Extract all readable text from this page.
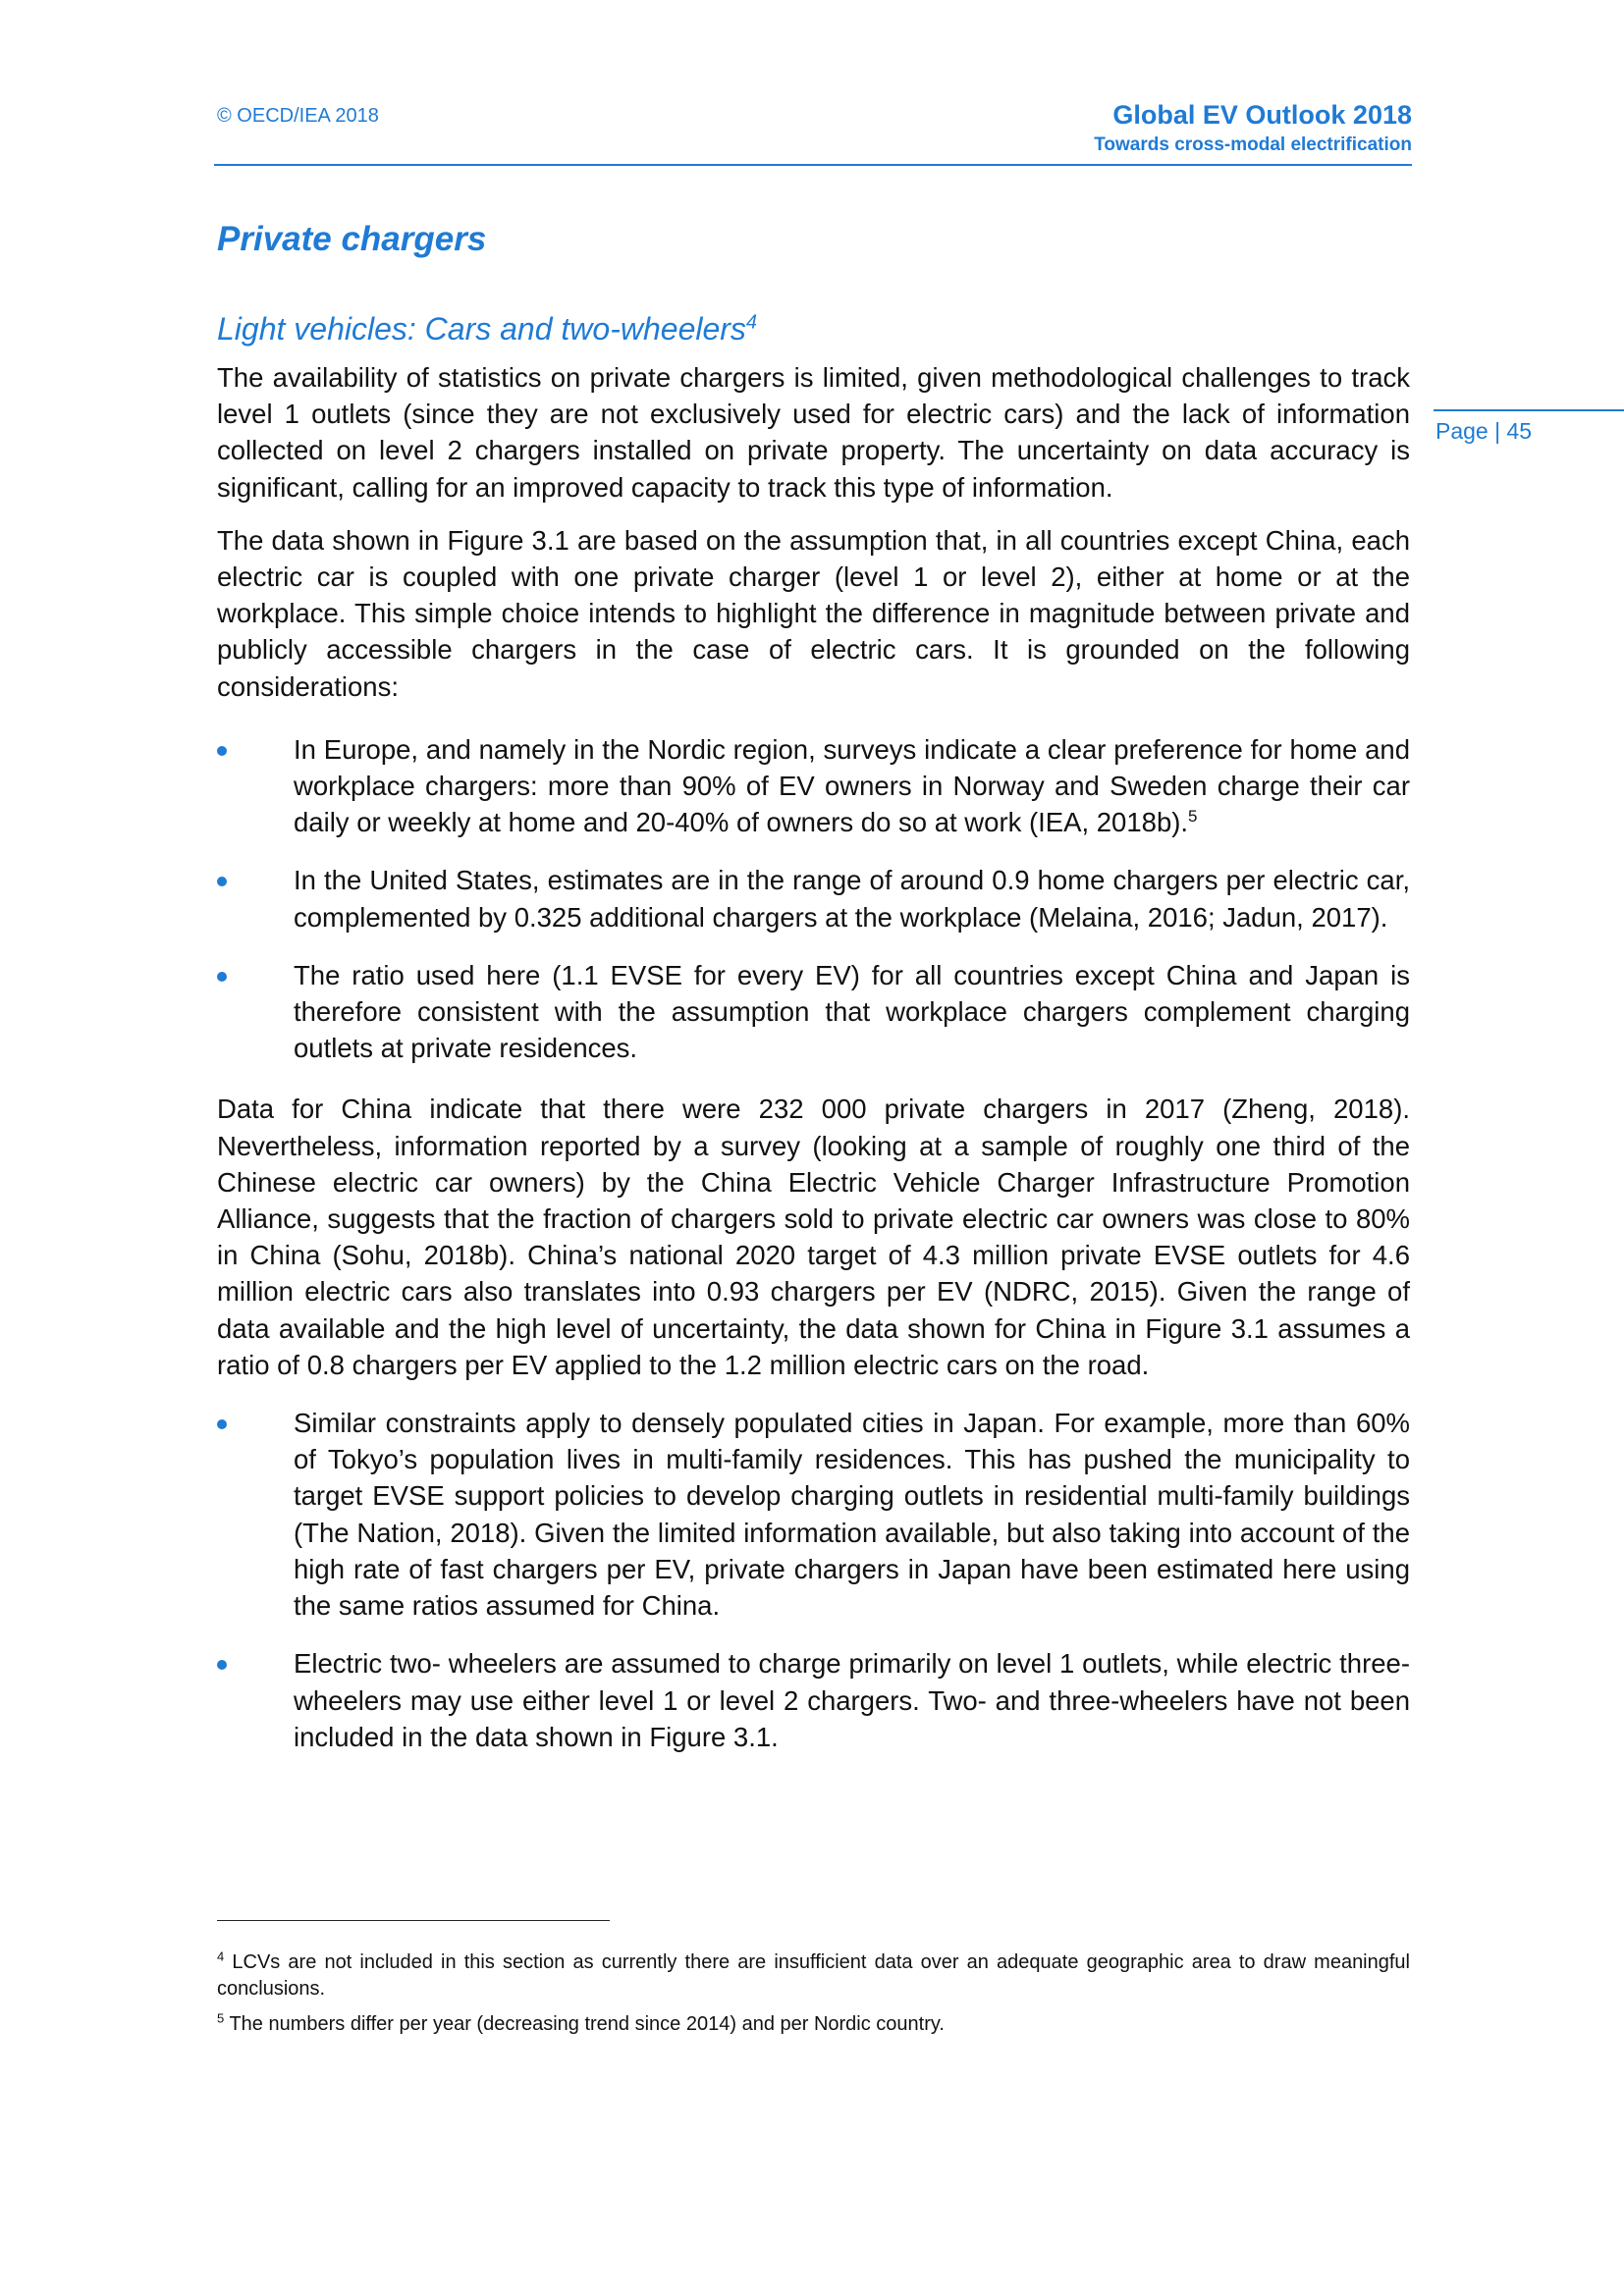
© OECD/IEA 2018	Global EV Outlook 2018
Towards cross-modal electrification
Page | 45
Private chargers
Light vehicles: Cars and two-wheelers$^4$

The availability of statistics on private chargers is limited, given methodological challenges to track level 1 outlets (since they are not exclusively used for electric cars) and the lack of information collected on level 2 chargers installed on private property. The uncertainty on data accuracy is significant, calling for an improved capacity to track this type of information.

The data shown in Figure 3.1 are based on the assumption that, in all countries except China, each electric car is coupled with one private charger (level 1 or level 2), either at home or at the workplace. This simple choice intends to highlight the difference in magnitude between private and publicly accessible chargers in the case of electric cars. It is grounded on the following considerations:

In Europe, and namely in the Nordic region, surveys indicate a clear preference for home and workplace chargers: more than 90% of EV owners in Norway and Sweden charge their car daily or weekly at home and 20-40% of owners do so at work (IEA, 2018b).$^5$
In the United States, estimates are in the range of around 0.9 home chargers per electric car, complemented by 0.325 additional chargers at the workplace (Melaina, 2016; Jadun, 2017).
The ratio used here (1.1 EVSE for every EV) for all countries except China and Japan is therefore consistent with the assumption that workplace chargers complement charging outlets at private residences.

Data for China indicate that there were 232 000 private chargers in 2017 (Zheng, 2018). Nevertheless, information reported by a survey (looking at a sample of roughly one third of the Chinese electric car owners) by the China Electric Vehicle Charger Infrastructure Promotion Alliance, suggests that the fraction of chargers sold to private electric car owners was close to 80% in China (Sohu, 2018b). China’s national 2020 target of 4.3 million private EVSE outlets for 4.6 million electric cars also translates into 0.93 chargers per EV (NDRC, 2015). Given the range of data available and the high level of uncertainty, the data shown for China in Figure 3.1 assumes a ratio of 0.8 chargers per EV applied to the 1.2 million electric cars on the road.

Similar constraints apply to densely populated cities in Japan. For example, more than 60% of Tokyo’s population lives in multi-family residences. This has pushed the municipality to target EVSE support policies to develop charging outlets in residential multi-family buildings (The Nation, 2018). Given the limited information available, but also taking into account of the high rate of fast chargers per EV, private chargers in Japan have been estimated here using the same ratios assumed for China.
Electric two- wheelers are assumed to charge primarily on level 1 outlets, while electric three-wheelers may use either level 1 or level 2 chargers. Two- and three-wheelers have not been included in the data shown in Figure 3.1.
$^4$ LCVs are not included in this section as currently there are insufficient data over an adequate geographic area to draw meaningful conclusions.
$^5$ The numbers differ per year (decreasing trend since 2014) and per Nordic country.
